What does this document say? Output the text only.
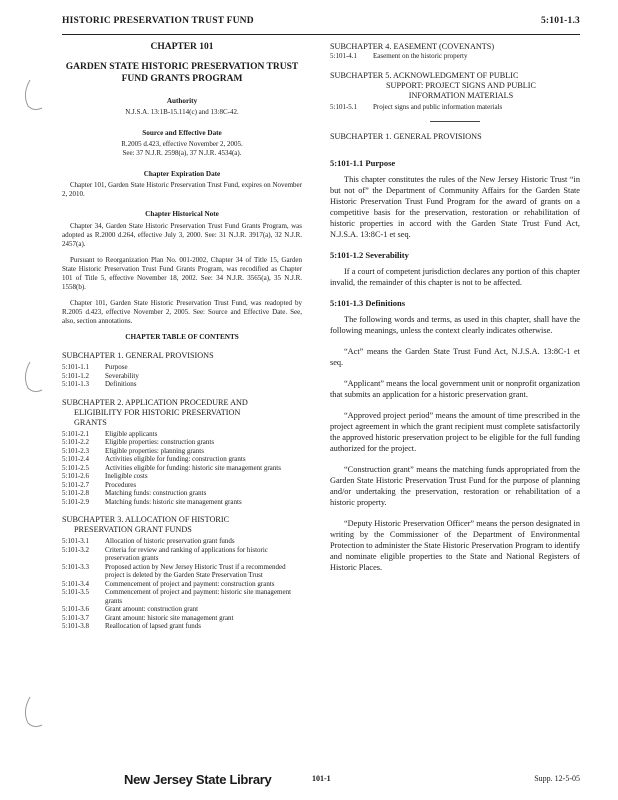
HISTORIC PRESERVATION TRUST FUND	5:101-1.3
CHAPTER 101
GARDEN STATE HISTORIC PRESERVATION TRUST FUND GRANTS PROGRAM
Authority
N.J.S.A. 13:1B-15.114(c) and 13:8C-42.
Source and Effective Date
R.2005 d.423, effective November 2, 2005.
See: 37 N.J.R. 2598(a), 37 N.J.R. 4534(a).
Chapter Expiration Date
Chapter 101, Garden State Historic Preservation Trust Fund, expires on November 2, 2010.
Chapter Historical Note
Chapter 34, Garden State Historic Preservation Trust Fund Grants Program, was adopted as R.2000 d.264, effective July 3, 2000. See: 31 N.J.R. 3917(a), 32 N.J.R. 2457(a).
Pursuant to Reorganization Plan No. 001-2002, Chapter 34 of Title 15, Garden State Historic Preservation Trust Fund Grants Program, was recodified as Chapter 101 of Title 5, effective November 18, 2002. See: 34 N.J.R. 3565(a), 35 N.J.R. 1558(b).
Chapter 101, Garden State Historic Preservation Trust Fund, was readopted by R.2005 d.423, effective November 2, 2005. See: Source and Effective Date. See, also, section annotations.
CHAPTER TABLE OF CONTENTS
SUBCHAPTER 1. GENERAL PROVISIONS
5:101-1.1	Purpose
5:101-1.2	Severability
5:101-1.3	Definitions
SUBCHAPTER 2. APPLICATION PROCEDURE AND
ELIGIBILITY FOR HISTORIC PRESERVATION
GRANTS
5:101-2.1	Eligible applicants
5:101-2.2	Eligible properties: construction grants
5:101-2.3	Eligible properties: planning grants
5:101-2.4	Activities eligible for funding: construction grants
5:101-2.5	Activities eligible for funding: historic site management grants
5:101-2.6	Ineligible costs
5:101-2.7	Procedures
5:101-2.8	Matching funds: construction grants
5:101-2.9	Matching funds: historic site management grants
SUBCHAPTER 3. ALLOCATION OF HISTORIC
PRESERVATION GRANT FUNDS
5:101-3.1	Allocation of historic preservation grant funds
5:101-3.2	Criteria for review and ranking of applications for historic preservation grants
5:101-3.3	Proposed action by New Jersey Historic Trust if a recommended project is deleted by the Garden State Preservation Trust
5:101-3.4	Commencement of project and payment: construction grants
5:101-3.5	Commencement of project and payment: historic site management grants
5:101-3.6	Grant amount: construction grant
5:101-3.7	Grant amount: historic site management grant
5:101-3.8	Reallocation of lapsed grant funds
SUBCHAPTER 4. EASEMENT (COVENANTS)
5:101-4.1	Easement on the historic property
SUBCHAPTER 5. ACKNOWLEDGMENT OF PUBLIC
SUPPORT: PROJECT SIGNS AND PUBLIC
INFORMATION MATERIALS
5:101-5.1	Project signs and public information materials
SUBCHAPTER 1. GENERAL PROVISIONS
5:101-1.1 Purpose
This chapter constitutes the rules of the New Jersey Historic Trust “in but not of” the Department of Community Affairs for the Garden State Historic Preservation Trust Fund Program for the award of grants on a competitive basis for the preservation, restoration or rehabilitation of historic properties in accord with the Garden State Trust Fund Act, N.J.S.A. 13:8C-1 et seq.
5:101-1.2 Severability
If a court of competent jurisdiction declares any portion of this chapter invalid, the remainder of this chapter is not to be affected.
5:101-1.3 Definitions
The following words and terms, as used in this chapter, shall have the following meanings, unless the context clearly indicates otherwise.
“Act” means the Garden State Trust Fund Act, N.J.S.A. 13:8C-1 et seq.
“Applicant” means the local government unit or nonprofit organization that submits an application for a historic preservation grant.
“Approved project period” means the amount of time prescribed in the project agreement in which the grant recipient must complete satisfactorily the approved historic preservation project to be eligible for the full funding authorized for the project.
“Construction grant” means the matching funds appropriated from the Garden State Historic Preservation Trust Fund for the purpose of planning and/or undertaking the preservation, restoration or rehabilitation of a historic property.
“Deputy Historic Preservation Officer” means the person designated in writing by the Commissioner of the Department of Environmental Protection to administer the State Historic Preservation Program to identify and nominate eligible properties to the State and National Registers of Historic Places.
New Jersey State Library	101-1	Supp. 12-5-05
